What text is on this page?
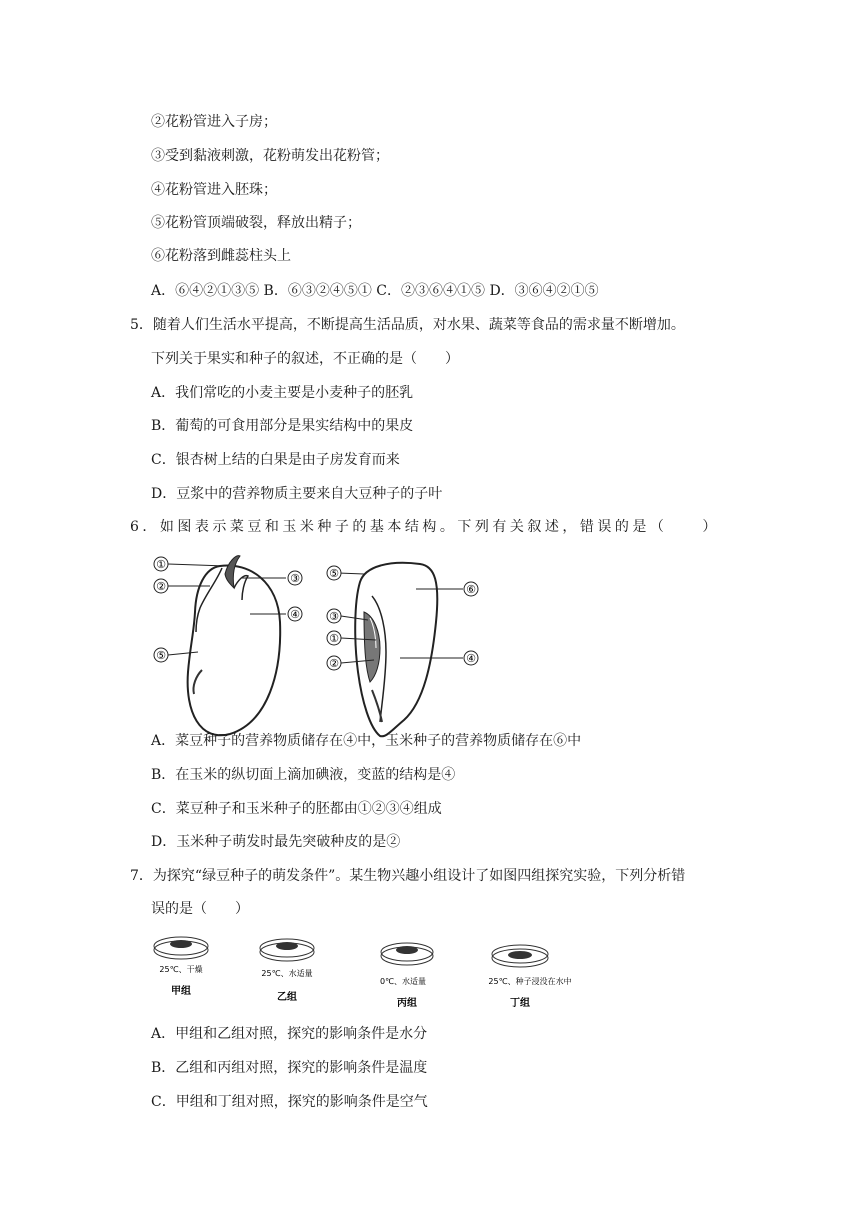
②花粉管进入子房；
③受到黏液刺激，花粉萌发出花粉管；
④花粉管进入胚珠；
⑤花粉管顶端破裂，释放出精子；
⑥花粉落到雌蕊柱头上
A．⑥④②①③⑤ B．⑥③②④⑤① C．②③⑥④①⑤ D．③⑥④②①⑤
5．随着人们生活水平提高，不断提高生活品质，对水果、蔬菜等食品的需求量不断增加。
下列关于果实和种子的叙述，不正确的是（　　）
A．我们常吃的小麦主要是小麦种子的胚乳
B．葡萄的可食用部分是果实结构中的果皮
C．银杏树上结的白果是由子房发育而来
D．豆浆中的营养物质主要来自大豆种子的子叶
6．如图表示菜豆和玉米种子的基本结构。下列有关叙述，错误的是（　　）
①
②
③
④
⑤
⑤
⑥
③
①
②	④
A．菜豆种子的营养物质储存在④中，玉米种子的营养物质储存在⑥中
B．在玉米的纵切面上滴加碘液，变蓝的结构是④
C．菜豆种子和玉米种子的胚都由①②③④组成
D．玉米种子萌发时最先突破种皮的是②
7．为探究“绿豆种子的萌发条件”。某生物兴趣小组设计了如图四组探究实验，下列分析错
误的是（　　）
25℃、干燥
甲组
25℃、水适量
乙组
0℃、水适量
丙组
25℃、种子浸没在水中
丁组
A．甲组和乙组对照，探究的影响条件是水分
B．乙组和丙组对照，探究的影响条件是温度
C．甲组和丁组对照，探究的影响条件是空气
